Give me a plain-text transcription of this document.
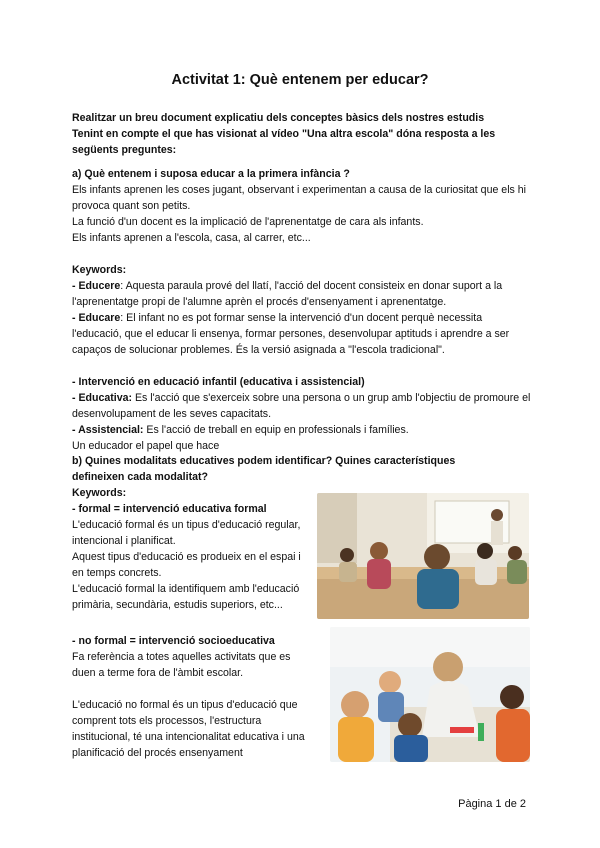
Activitat 1: Què entenem per educar?

Realitzar un breu document explicatiu dels conceptes bàsics dels nostres estudis

Tenint en compte el que has visionat al vídeo "Una altra escola" dóna resposta a les següents preguntes:

a) Què entenem i suposa educar a la primera infància ?

Els infants aprenen les coses jugant, observant i experimentan a causa de la curiositat que els hi provoca quant son petits.

La funció d'un docent es la implicació de l'aprenentatge de cara als infants.

Els infants aprenen a l'escola, casa, al carrer, etc...

Keywords:

- Educere: Aquesta paraula prové del llatí, l'acció del docent consisteix en donar suport a la l'aprenentatge propi de l'alumne aprèn el procés d'ensenyament i aprenentatge.

- Educare: El infant no es pot formar sense la intervenció d'un docent perquè necessita l'educació, que el educar li ensenya, formar persones, desenvolupar aptituds i aprendre a ser capaços de solucionar problemes. És la versió asignada a "l'escola tradicional".

- Intervenció en educació infantil (educativa i assistencial)

- Educativa: Es l'acció que s'exerceix sobre una persona o un grup amb l'objectiu de promoure el desenvolupament de les seves capacitats.

- Assistencial: Es l'acció de treball en equip en professionals i famílies.

Un educador el papel que hace

b) Quines modalitats educatives podem identificar? Quines característiques defineixen cada modalitat?

Keywords:

- formal = intervenció educativa formal

L'educació formal és un tipus d'educació regular, intencional i planificat.

Aquest tipus d'educació es produeix en el espai i en temps concrets.

L'educació formal la identifiquem amb l'educació primària, secundària, estudis superiors, etc...

- no formal = intervenció socioeducativa

Fa referència a totes aquelles activitats que es duen a terme fora de l'àmbit escolar.

L'educació no formal és un tipus d'educació que comprent tots els processos, l'estructura institucional, té una intencionalitat educativa i una planificació del procés ensenyament

Pàgina 1 de 2
